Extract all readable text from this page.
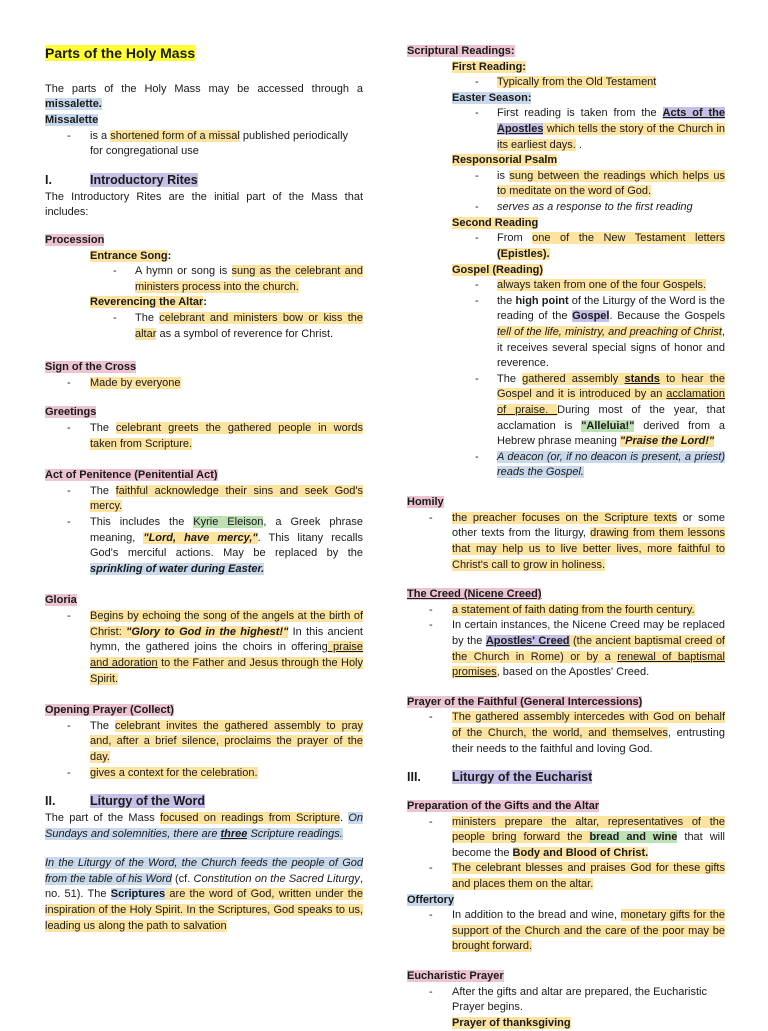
Parts of the Holy Mass

The parts of the Holy Mass may be accessed through a missalette.

Missalette

- is a shortened form of a missal published periodically for congregational use

I.	Introductory Rites

The Introductory Rites are the initial part of the Mass that includes:

Procession

Entrance Song:

- A hymn or song is sung as the celebrant and ministers process into the church.

Reverencing the Altar:

- The celebrant and ministers bow or kiss the altar as a symbol of reverence for Christ.

Sign of the Cross

- Made by everyone

Greetings

- The celebrant greets the gathered people in words taken from Scripture.

Act of Penitence (Penitential Act)

- The faithful acknowledge their sins and seek God's mercy.
- This includes the Kyrie Eleison, a Greek phrase meaning, "Lord, have mercy,". This litany recalls God's merciful actions. May be replaced by the sprinkling of water during Easter.

Gloria

- Begins by echoing the song of the angels at the birth of Christ: "Glory to God in the highest!" In this ancient hymn, the gathered joins the choirs in offering praise and adoration to the Father and Jesus through the Holy Spirit.

Opening Prayer (Collect)

- The celebrant invites the gathered assembly to pray and, after a brief silence, proclaims the prayer of the day.
- gives a context for the celebration.

II.	Liturgy of the Word

The part of the Mass focused on readings from Scripture. On Sundays and solemnities, there are three Scripture readings.

In the Liturgy of the Word, the Church feeds the people of God from the table of his Word (cf. Constitution on the Sacred Liturgy, no. 51). The Scriptures are the word of God, written under the inspiration of the Holy Spirit. In the Scriptures, God speaks to us, leading us along the path to salvation

Scriptural Readings:

First Reading:

- Typically from the Old Testament

Easter Season:

- First reading is taken from the Acts of the Apostles which tells the story of the Church in its earliest days. .

Responsorial Psalm

- is sung between the readings which helps us to meditate on the word of God.
- serves as a response to the first reading

Second Reading

- From one of the New Testament letters (Epistles).

Gospel (Reading)

- always taken from one of the four Gospels.
- the high point of the Liturgy of the Word is the reading of the Gospel. Because the Gospels tell of the life, ministry, and preaching of Christ, it receives several special signs of honor and reverence.
- The gathered assembly stands to hear the Gospel and it is introduced by an acclamation of praise. During most of the year, that acclamation is "Alleluia!" derived from a Hebrew phrase meaning "Praise the Lord!"
- A deacon (or, if no deacon is present, a priest) reads the Gospel.

Homily

- the preacher focuses on the Scripture texts or some other texts from the liturgy, drawing from them lessons that may help us to live better lives, more faithful to Christ's call to grow in holiness.

The Creed (Nicene Creed)

- a statement of faith dating from the fourth century.
- In certain instances, the Nicene Creed may be replaced by the Apostles' Creed (the ancient baptismal creed of the Church in Rome) or by a renewal of baptismal promises, based on the Apostles' Creed.

Prayer of the Faithful (General Intercessions)

- The gathered assembly intercedes with God on behalf of the Church, the world, and themselves, entrusting their needs to the faithful and loving God.

III. Liturgy of the Eucharist

Preparation of the Gifts and the Altar

- ministers prepare the altar, representatives of the people bring forward the bread and wine that will become the Body and Blood of Christ.
- The celebrant blesses and praises God for these gifts and places them on the altar.

Offertory

- In addition to the bread and wine, monetary gifts for the support of the Church and the care of the poor may be brought forward.

Eucharistic Prayer

- After the gifts and altar are prepared, the Eucharistic Prayer begins.

Prayer of thanksgiving
